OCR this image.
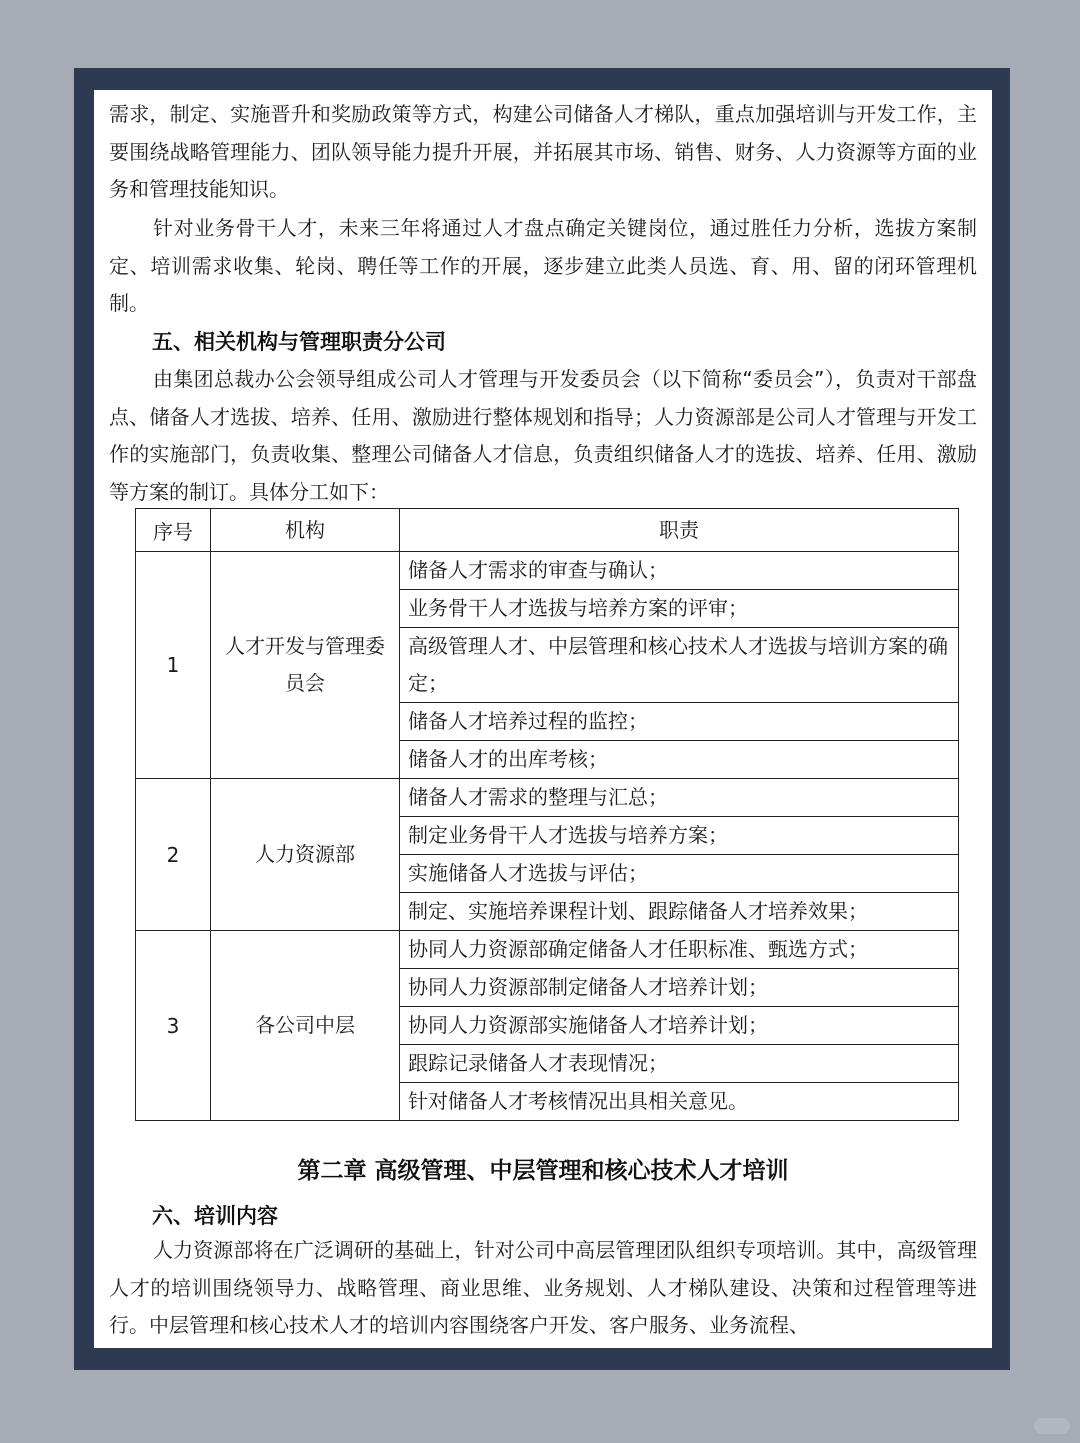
需求，制定、实施晋升和奖励政策等方式，构建公司储备人才梯队，重点加强培训与开发工作，主要围绕战略管理能力、团队领导能力提升开展，并拓展其市场、销售、财务、人力资源等方面的业务和管理技能知识。

针对业务骨干人才，未来三年将通过人才盘点确定关键岗位，通过胜任力分析，选拔方案制定、培训需求收集、轮岗、聘任等工作的开展，逐步建立此类人员选、育、用、留的闭环管理机制。

五、相关机构与管理职责分公司

由集团总裁办公会领导组成公司人才管理与开发委员会（以下简称“委员会”），负责对干部盘点、储备人才选拔、培养、任用、激励进行整体规划和指导；人力资源部是公司人才管理与开发工作的实施部门，负责收集、整理公司储备人才信息，负责组织储备人才的选拔、培养、任用、激励等方案的制订。具体分工如下：

序号	机构	职责
1	人才开发与管理委员会	储备人才需求的审查与确认；
		业务骨干人才选拔与培养方案的评审；
		高级管理人才、中层管理和核心技术人才选拔与培训方案的确定；
		储备人才培养过程的监控；
		储备人才的出库考核；
2	人力资源部	储备人才需求的整理与汇总；
		制定业务骨干人才选拔与培养方案；
		实施储备人才选拔与评估；
		制定、实施培养课程计划、跟踪储备人才培养效果；
3	各公司中层	协同人力资源部确定储备人才任职标准、甄选方式；
		协同人力资源部制定储备人才培养计划；
		协同人力资源部实施储备人才培养计划；
		跟踪记录储备人才表现情况；
		针对储备人才考核情况出具相关意见。
第二章 高级管理、中层管理和核心技术人才培训
六、培训内容

人力资源部将在广泛调研的基础上，针对公司中高层管理团队组织专项培训。其中，高级管理人才的培训围绕领导力、战略管理、商业思维、业务规划、人才梯队建设、决策和过程管理等进行。中层管理和核心技术人才的培训内容围绕客户开发、客户服务、业务流程、
